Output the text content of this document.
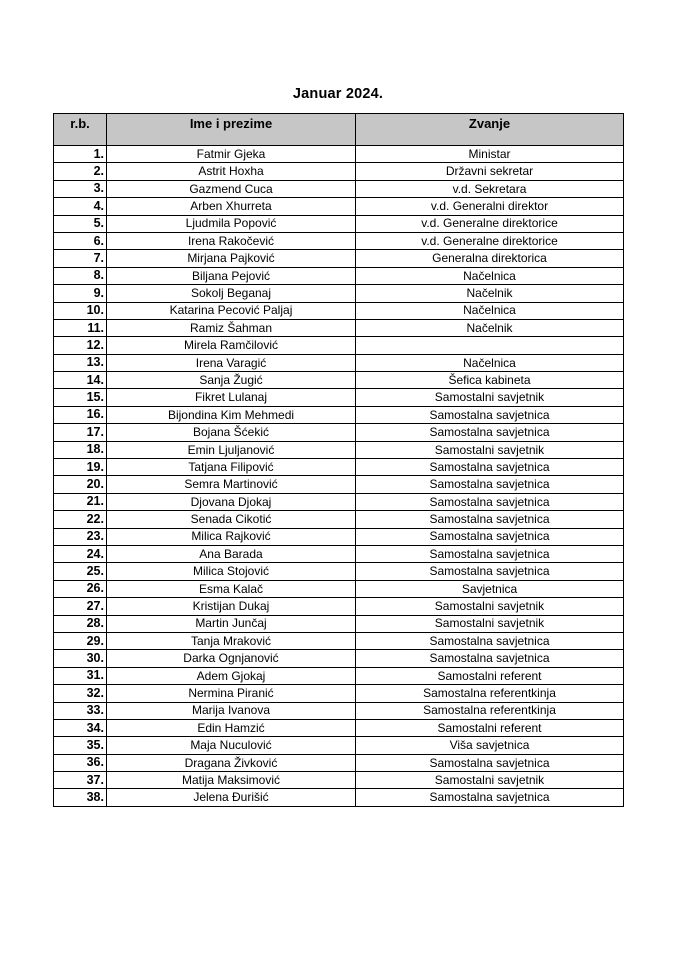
Januar 2024.
r.b.	Ime i prezime	Zvanje
1.	Fatmir Gjeka	Ministar
2.	Astrit Hoxha	Državni sekretar
3.	Gazmend Cuca	v.d. Sekretara
4.	Arben Xhurreta	v.d. Generalni direktor
5.	Ljudmila Popović	v.d. Generalne direktorice
6.	Irena Rakočević	v.d. Generalne direktorice
7.	Mirjana Pajković	Generalna direktorica
8.	Biljana Pejović	Načelnica
9.	Sokolj Beganaj	Načelnik
10.	Katarina Pecović Paljaj	Načelnica
11.	Ramiz Šahman	Načelnik
12.	Mirela Ramčilović	
13.	Irena Varagić	Načelnica
14.	Sanja Žugić	Šefica kabineta
15.	Fikret Lulanaj	Samostalni savjetnik
16.	Bijondina Kim Mehmedi	Samostalna savjetnica
17.	Bojana Šćekić	Samostalna savjetnica
18.	Emin Ljuljanović	Samostalni savjetnik
19.	Tatjana Filipović	Samostalna savjetnica
20.	Semra Martinović	Samostalna savjetnica
21.	Djovana Djokaj	Samostalna savjetnica
22.	Senada Cikotić	Samostalna savjetnica
23.	Milica Rajković	Samostalna savjetnica
24.	Ana Barada	Samostalna savjetnica
25.	Milica Stojović	Samostalna savjetnica
26.	Esma Kalač	Savjetnica
27.	Kristijan Dukaj	Samostalni savjetnik
28.	Martin Junčaj	Samostalni savjetnik
29.	Tanja Mraković	Samostalna savjetnica
30.	Darka Ognjanović	Samostalna savjetnica
31.	Adem Gjokaj	Samostalni referent
32.	Nermina Piranić	Samostalna referentkinja
33.	Marija Ivanova	Samostalna referentkinja
34.	Edin Hamzić	Samostalni referent
35.	Maja Nuculović	Viša savjetnica
36.	Dragana Živković	Samostalna savjetnica
37.	Matija Maksimović	Samostalni savjetnik
38.	Jelena Đurišić	Samostalna savjetnica
